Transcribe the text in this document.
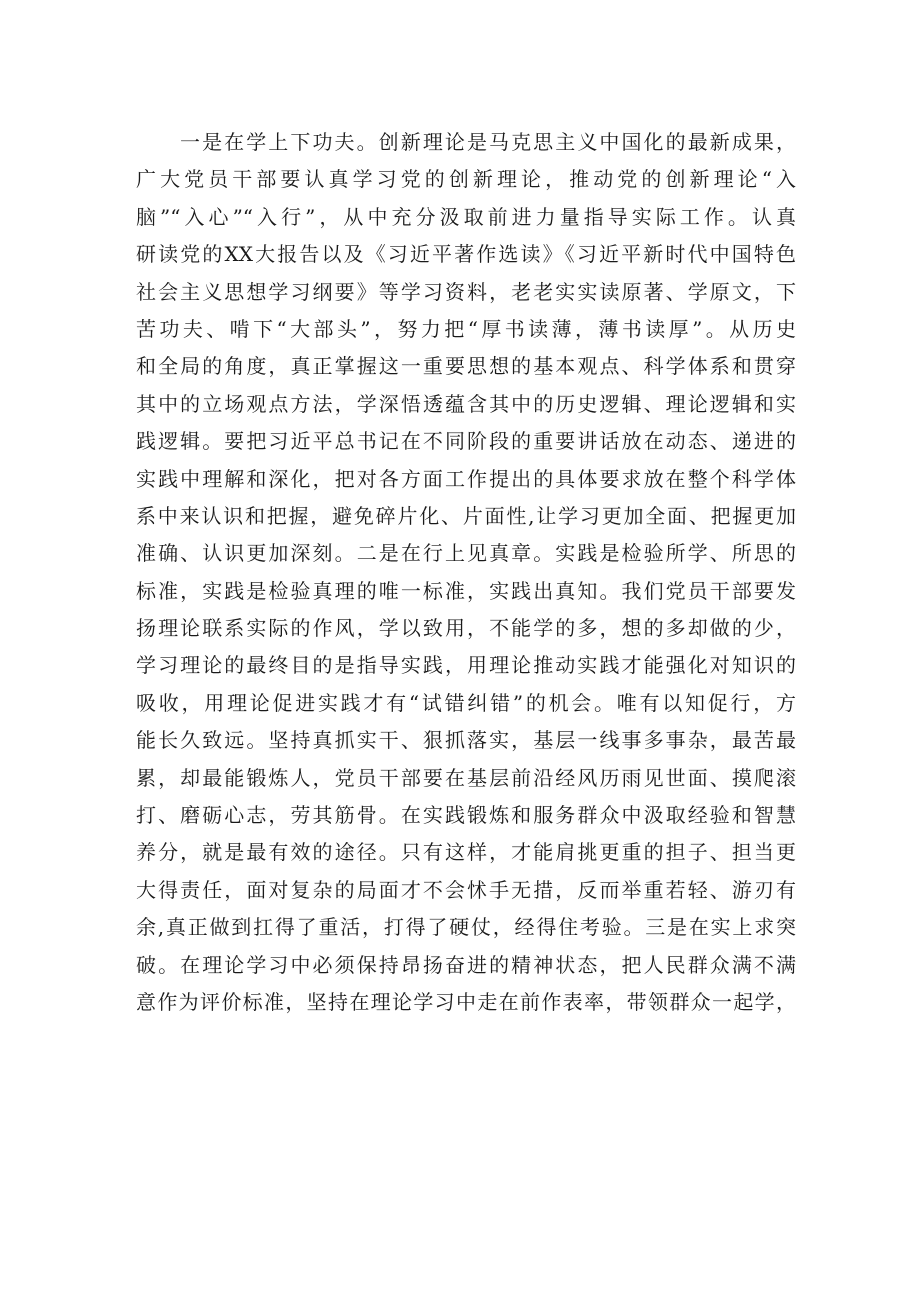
一是在学上下功夫。创新理论是马克思主义中国化的最新成果，
广大党员干部要认真学习党的创新理论，推动党的创新理论“入
脑”“入心”“入行”，从中充分汲取前进力量指导实际工作。认真
研读党的XX大报告以及《习近平著作选读》《习近平新时代中国特色
社会主义思想学习纲要》等学习资料，老老实实读原著、学原文，下
苦功夫、啃下“大部头”，努力把“厚书读薄，薄书读厚”。从历史
和全局的角度，真正掌握这一重要思想的基本观点、科学体系和贯穿
其中的立场观点方法，学深悟透蕴含其中的历史逻辑、理论逻辑和实
践逻辑。要把习近平总书记在不同阶段的重要讲话放在动态、递进的
实践中理解和深化，把对各方面工作提出的具体要求放在整个科学体
系中来认识和把握，避免碎片化、片面性,让学习更加全面、把握更加
准确、认识更加深刻。二是在行上见真章。实践是检验所学、所思的
标准，实践是检验真理的唯一标准，实践出真知。我们党员干部要发
扬理论联系实际的作风，学以致用，不能学的多，想的多却做的少，
学习理论的最终目的是指导实践，用理论推动实践才能强化对知识的
吸收，用理论促进实践才有“试错纠错”的机会。唯有以知促行，方
能长久致远。坚持真抓实干、狠抓落实，基层一线事多事杂，最苦最
累，却最能锻炼人，党员干部要在基层前沿经风历雨见世面、摸爬滚
打、磨砺心志，劳其筋骨。在实践锻炼和服务群众中汲取经验和智慧
养分，就是最有效的途径。只有这样，才能肩挑更重的担子、担当更
大得责任，面对复杂的局面才不会怵手无措，反而举重若轻、游刃有
余,真正做到扛得了重活，打得了硬仗，经得住考验。三是在实上求突
破。在理论学习中必须保持昂扬奋进的精神状态，把人民群众满不满
意作为评价标准，坚持在理论学习中走在前作表率，带领群众一起学，
